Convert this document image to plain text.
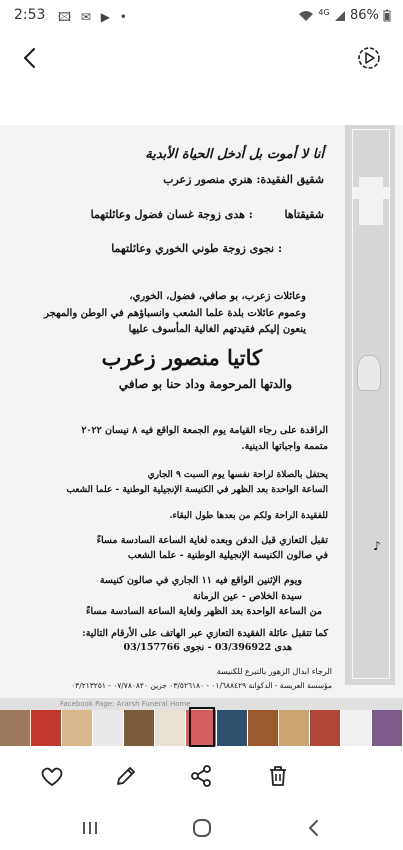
2:53 🖾 ✉ ▶ •	$^{4G}$ 86%
♪
أنا لا أموت بل أدخل الحياة الأبدية
شقيق الفقيدة: هنري منصور زعرب
شقيقتاها  : هدى زوجة غسان فضول وعائلتهما
: نجوى زوجة طوني الخوري وعائلتهما
وعائلات زعرب، بو صافي، فضول، الخوري،
وعموم عائلات بلدة علما الشعب وانسباؤهم في الوطن والمهجر
ينعون إليكم فقيدتهم الغالية المأسوف عليها
كاتيا منصور زعرب
والدتها المرحومة وداد حنا بو صافي
الراقدة على رجاء القيامة يوم الجمعة الواقع فيه ٨ نيسان ٢٠٢٢
متممة واجباتها الدينية.
يحتفل بالصلاة لراحة نفسها يوم السبت ٩ الجاري
الساعة الواحدة بعد الظهر في الكنيسة الإنجيلية الوطنية - علما الشعب
للفقيدة الراحة ولكم من بعدها طول البقاء.
تقبل التعازي قبل الدفن وبعده لغاية الساعة السادسة مساءً
في صالون الكنيسة الإنجيلية الوطنية - علما الشعب
ويوم الإثنين الواقع فيه ١١ الجاري في صالون كنيسة
سيدة الخلاص - عين الرمانة
من الساعة الواحدة بعد الظهر ولغاية الساعة السادسة مساءً
كما تتقبل عائلة الفقيدة التعازي عبر الهاتف على الأرقام التالية:
هدى 03/396922 - نجوى 03/157766
الرجاء ابدال الزهور بالتبرع للكنيسة
مؤسسة العريسة - الدكوانة ٠١/٦٨٨٤٢٩ - ٠٣/٥٢٦١٨٠ جزين ٠٧/٧٨٠٨٢٠ - ٠٣/٢١٣٢٥١
Facebook Page: Ararsh Funeral Home
